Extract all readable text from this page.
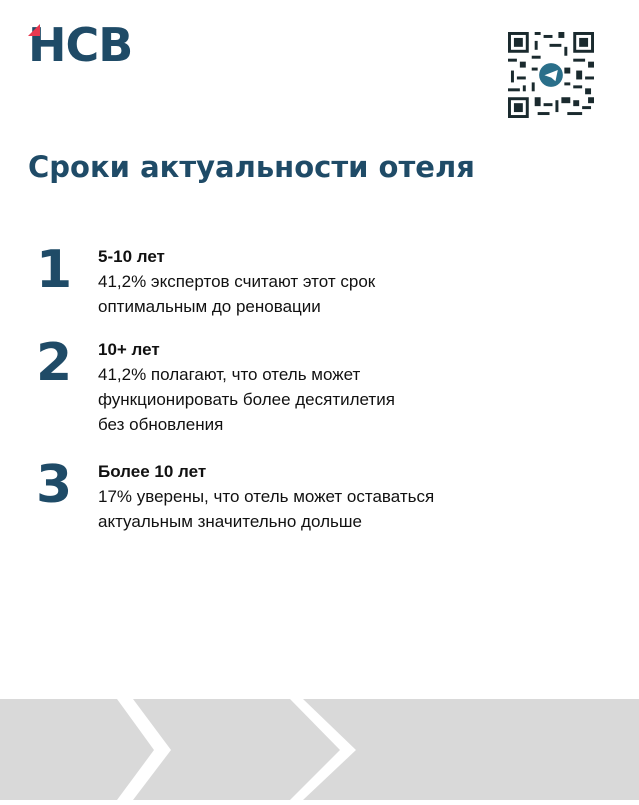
НСВ
Сроки актуальности отеля
1 5-10 лет
41,2% экспертов считают этот срок
оптимальным до реновации
2 10+ лет
41,2% полагают, что отель может
функционировать более десятилетия
без обновления
3 Более 10 лет
17% уверены, что отель может оставаться
актуальным значительно дольше
